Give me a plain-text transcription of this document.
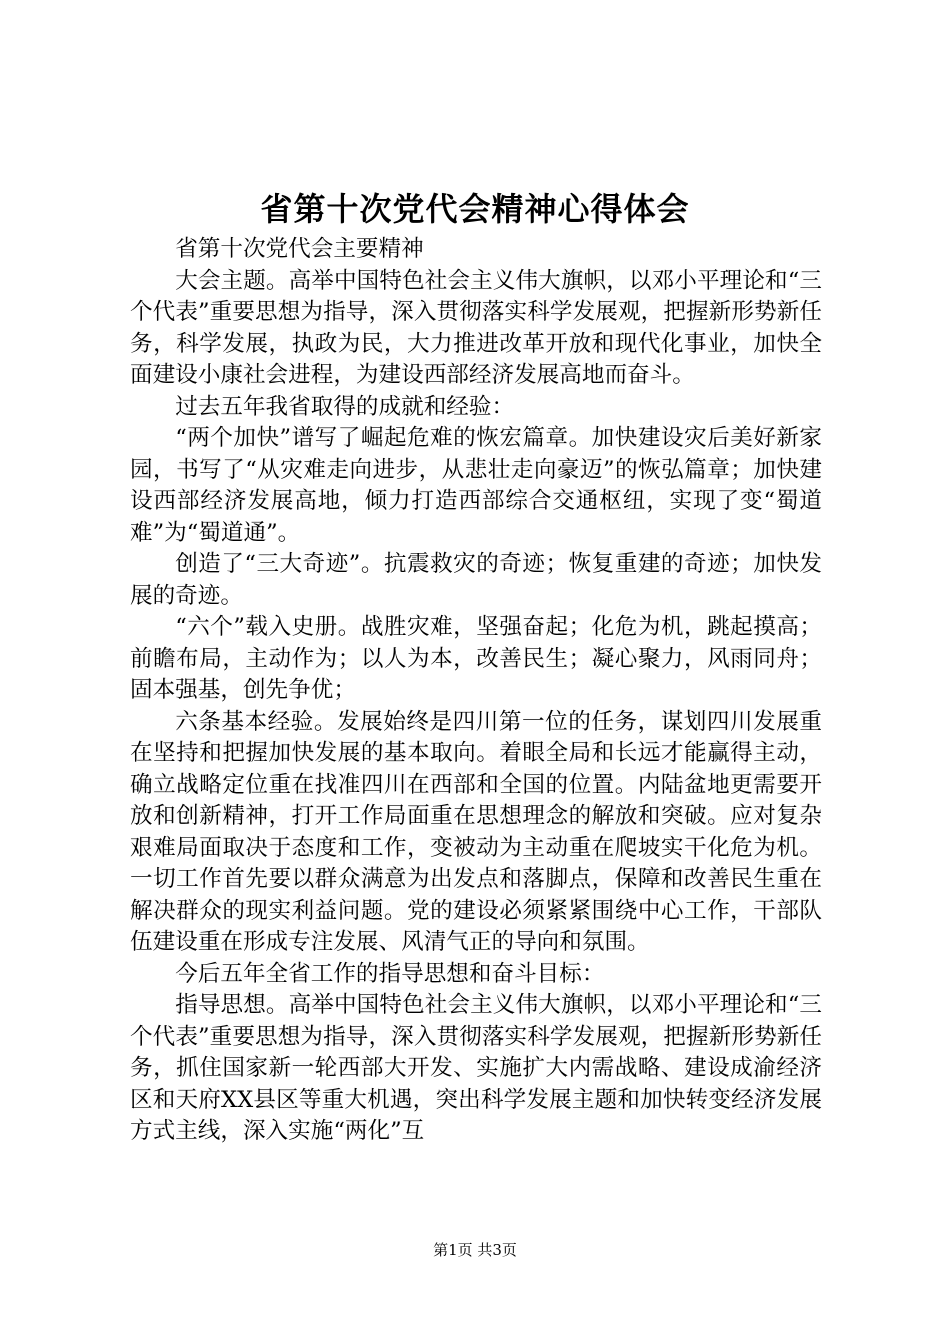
省第十次党代会精神心得体会

省第十次党代会主要精神

大会主题。高举中国特色社会主义伟大旗帜，以邓小平理论和“三个代表”重要思想为指导，深入贯彻落实科学发展观，把握新形势新任务，科学发展，执政为民，大力推进改革开放和现代化事业，加快全面建设小康社会进程，为建设西部经济发展高地而奋斗。

过去五年我省取得的成就和经验：

“两个加快”谱写了崛起危难的恢宏篇章。加快建设灾后美好新家园，书写了“从灾难走向进步，从悲壮走向豪迈”的恢弘篇章；加快建设西部经济发展高地，倾力打造西部综合交通枢纽，实现了变“蜀道难”为“蜀道通”。

创造了“三大奇迹”。抗震救灾的奇迹；恢复重建的奇迹；加快发展的奇迹。

“六个”载入史册。战胜灾难，坚强奋起；化危为机，跳起摸高；前瞻布局，主动作为；以人为本，改善民生；凝心聚力，风雨同舟；固本强基，创先争优；

六条基本经验。发展始终是四川第一位的任务，谋划四川发展重在坚持和把握加快发展的基本取向。着眼全局和长远才能赢得主动，确立战略定位重在找准四川在西部和全国的位置。内陆盆地更需要开放和创新精神，打开工作局面重在思想理念的解放和突破。应对复杂艰难局面取决于态度和工作，变被动为主动重在爬坡实干化危为机。一切工作首先要以群众满意为出发点和落脚点，保障和改善民生重在解决群众的现实利益问题。党的建设必须紧紧围绕中心工作，干部队伍建设重在形成专注发展、风清气正的导向和氛围。

今后五年全省工作的指导思想和奋斗目标：

指导思想。高举中国特色社会主义伟大旗帜，以邓小平理论和“三个代表”重要思想为指导，深入贯彻落实科学发展观，把握新形势新任务，抓住国家新一轮西部大开发、实施扩大内需战略、建设成渝经济区和天府XX县区等重大机遇，突出科学发展主题和加快转变经济发展方式主线，深入实施“两化”互

第1页 共3页
